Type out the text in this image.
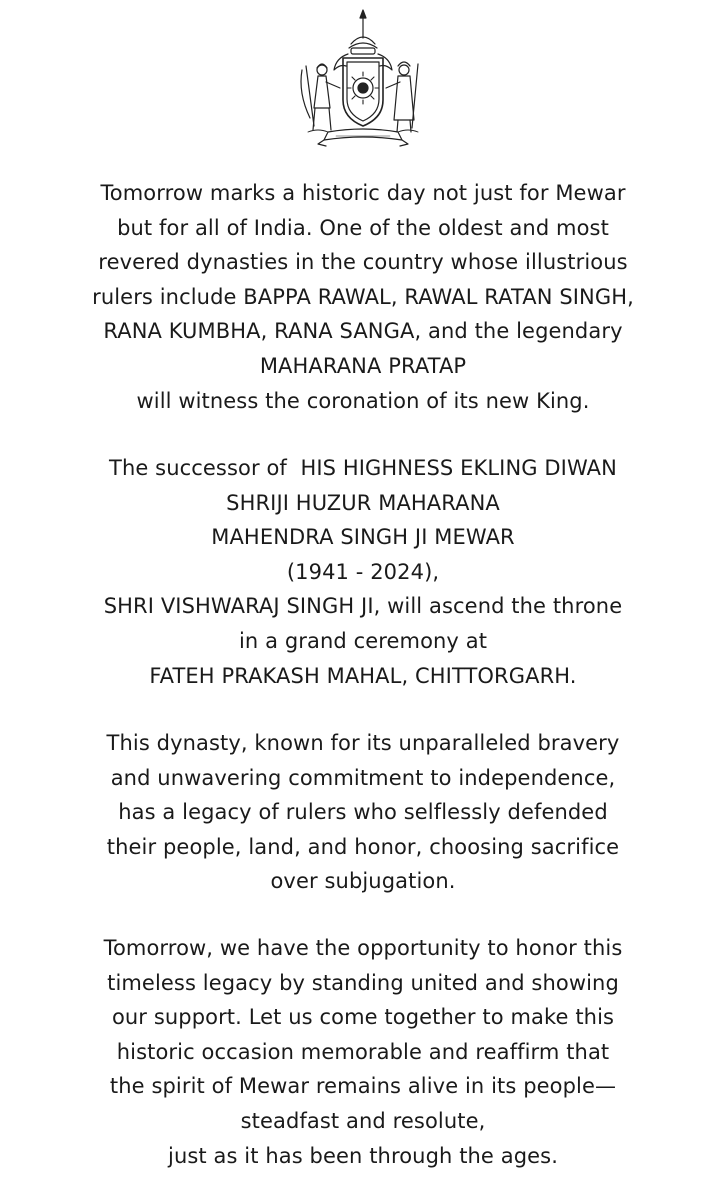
Tomorrow marks a historic day not just for Mewar
but for all of India. One of the oldest and most
revered dynasties in the country whose illustrious
rulers include BAPPA RAWAL, RAWAL RATAN SINGH,
RANA KUMBHA, RANA SANGA, and the legendary
MAHARANA PRATAP
will witness the coronation of its new King.
The successor of  HIS HIGHNESS EKLING DIWAN
SHRIJI HUZUR MAHARANA
MAHENDRA SINGH JI MEWAR
(1941 - 2024),
SHRI VISHWARAJ SINGH JI, will ascend the throne
in a grand ceremony at
FATEH PRAKASH MAHAL, CHITTORGARH.
This dynasty, known for its unparalleled bravery
and unwavering commitment to independence,
has a legacy of rulers who selflessly defended
their people, land, and honor, choosing sacrifice
over subjugation.
Tomorrow, we have the opportunity to honor this
timeless legacy by standing united and showing
our support. Let us come together to make this
historic occasion memorable and reaffirm that
the spirit of Mewar remains alive in its people—
steadfast and resolute,
just as it has been through the ages.
